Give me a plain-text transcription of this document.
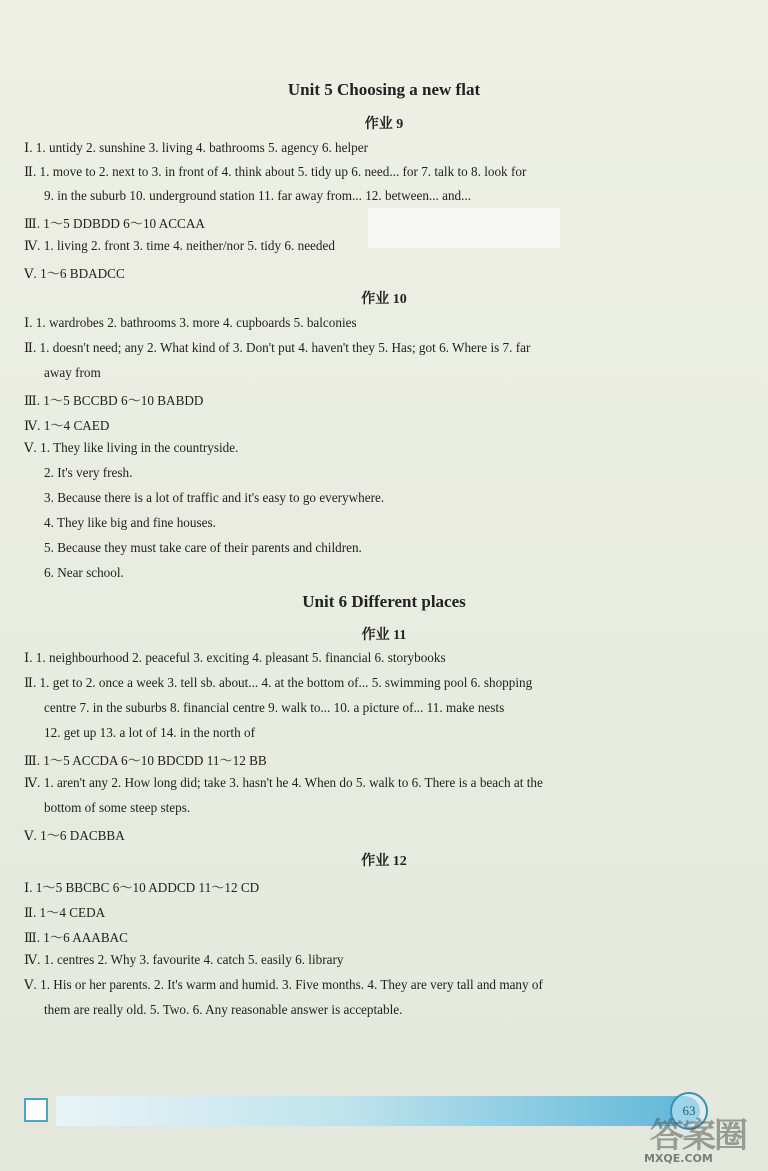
Unit 5 Choosing a new flat
作业 9
Ⅰ. 1. untidy 2. sunshine 3. living 4. bathrooms 5. agency 6. helper
Ⅱ. 1. move to 2. next to 3. in front of 4. think about 5. tidy up 6. need... for 7. talk to 8. look for
9. in the suburb 10. underground station 11. far away from... 12. between... and...
Ⅲ. 1～5 DDBDD 6～10 ACCAA
Ⅳ. 1. living 2. front 3. time 4. neither/nor 5. tidy 6. needed
Ⅴ. 1～6 BDADCC
作业 10
Ⅰ. 1. wardrobes 2. bathrooms 3. more 4. cupboards 5. balconies
Ⅱ. 1. doesn't need; any 2. What kind of 3. Don't put 4. haven't they 5. Has; got 6. Where is 7. far
away from
Ⅲ. 1～5 BCCBD 6～10 BABDD
Ⅳ. 1～4 CAED
Ⅴ. 1. They like living in the countryside.
2. It's very fresh.
3. Because there is a lot of traffic and it's easy to go everywhere.
4. They like big and fine houses.
5. Because they must take care of their parents and children.
6. Near school.
Unit 6 Different places
作业 11
Ⅰ. 1. neighbourhood 2. peaceful 3. exciting 4. pleasant 5. financial 6. storybooks
Ⅱ. 1. get to 2. once a week 3. tell sb. about... 4. at the bottom of... 5. swimming pool 6. shopping
centre 7. in the suburbs 8. financial centre 9. walk to... 10. a picture of... 11. make nests
12. get up 13. a lot of 14. in the north of
Ⅲ. 1～5 ACCDA 6～10 BDCDD 11～12 BB
Ⅳ. 1. aren't any 2. How long did; take 3. hasn't he 4. When do 5. walk to 6. There is a beach at the
bottom of some steep steps.
Ⅴ. 1～6 DACBBA
作业 12
Ⅰ. 1～5 BBCBC 6～10 ADDCD 11～12 CD
Ⅱ. 1～4 CEDA
Ⅲ. 1～6 AAABAC
Ⅳ. 1. centres 2. Why 3. favourite 4. catch 5. easily 6. library
Ⅴ. 1. His or her parents. 2. It's warm and humid. 3. Five months. 4. They are very tall and many of
them are really old. 5. Two. 6. Any reasonable answer is acceptable.
63
答案圈
MXQE.COM
